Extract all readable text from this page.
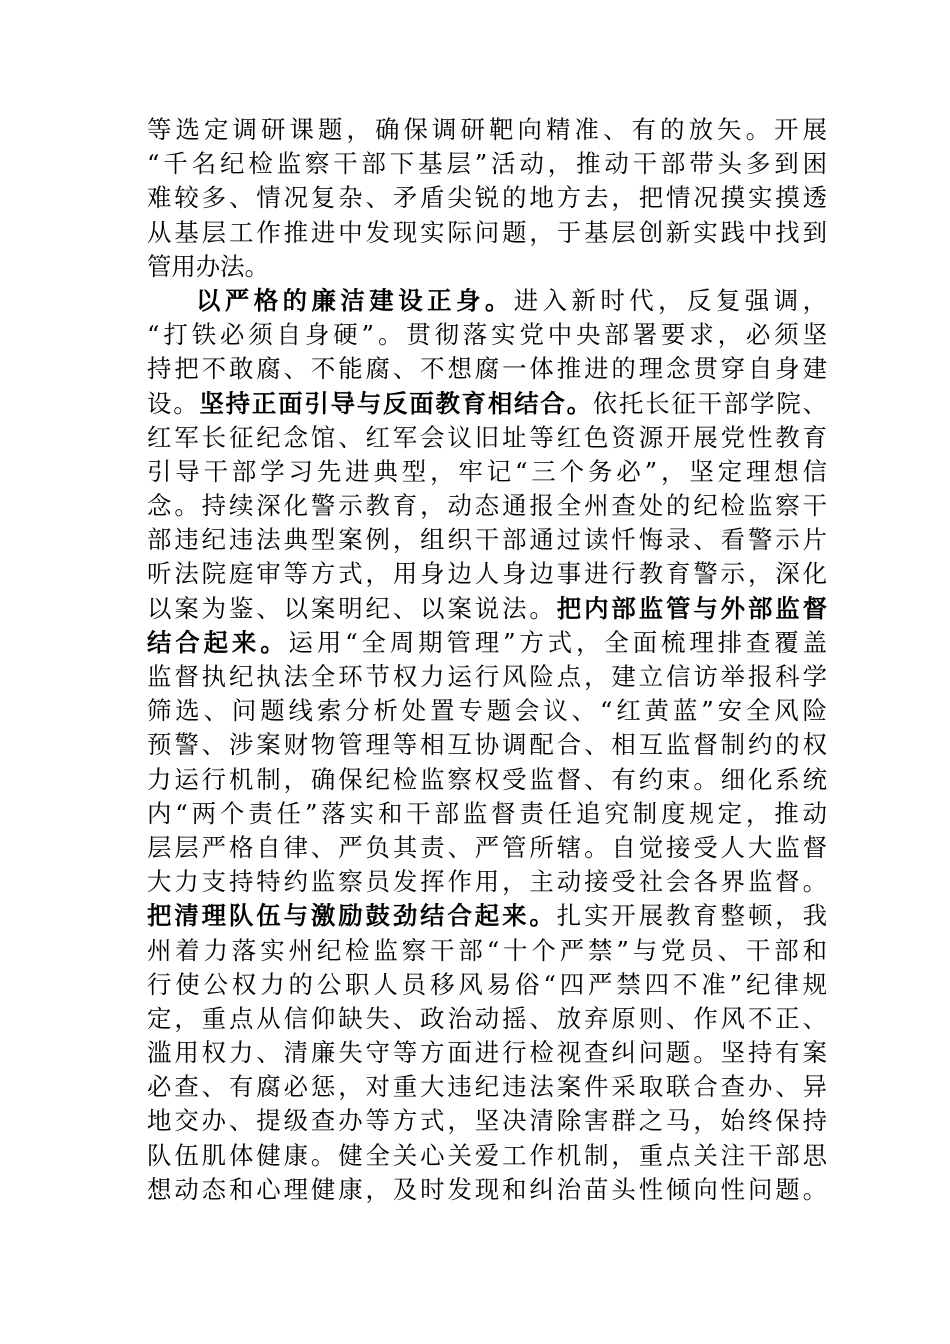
等选定调研课题，确保调研靶向精准、有的放矢。开展
“千名纪检监察干部下基层”活动，推动干部带头多到困
难较多、情况复杂、矛盾尖锐的地方去，把情况摸实摸透
从基层工作推进中发现实际问题，于基层创新实践中找到
管用办法。
以严格的廉洁建设正身。进入新时代，反复强调，
“打铁必须自身硬”。贯彻落实党中央部署要求，必须坚
持把不敢腐、不能腐、不想腐一体推进的理念贯穿自身建
设。坚持正面引导与反面教育相结合。依托长征干部学院、
红军长征纪念馆、红军会议旧址等红色资源开展党性教育
引导干部学习先进典型，牢记“三个务必”，坚定理想信
念。持续深化警示教育，动态通报全州查处的纪检监察干
部违纪违法典型案例，组织干部通过读忏悔录、看警示片
听法院庭审等方式，用身边人身边事进行教育警示，深化
以案为鉴、以案明纪、以案说法。把内部监管与外部监督
结合起来。运用“全周期管理”方式，全面梳理排查覆盖
监督执纪执法全环节权力运行风险点，建立信访举报科学
筛选、问题线索分析处置专题会议、“红黄蓝”安全风险
预警、涉案财物管理等相互协调配合、相互监督制约的权
力运行机制，确保纪检监察权受监督、有约束。细化系统
内“两个责任”落实和干部监督责任追究制度规定，推动
层层严格自律、严负其责、严管所辖。自觉接受人大监督
大力支持特约监察员发挥作用，主动接受社会各界监督。
把清理队伍与激励鼓劲结合起来。扎实开展教育整顿，我
州着力落实州纪检监察干部“十个严禁”与党员、干部和
行使公权力的公职人员移风易俗“四严禁四不准”纪律规
定，重点从信仰缺失、政治动摇、放弃原则、作风不正、
滥用权力、清廉失守等方面进行检视查纠问题。坚持有案
必查、有腐必惩，对重大违纪违法案件采取联合查办、异
地交办、提级查办等方式，坚决清除害群之马，始终保持
队伍肌体健康。健全关心关爱工作机制，重点关注干部思
想动态和心理健康，及时发现和纠治苗头性倾向性问题。
